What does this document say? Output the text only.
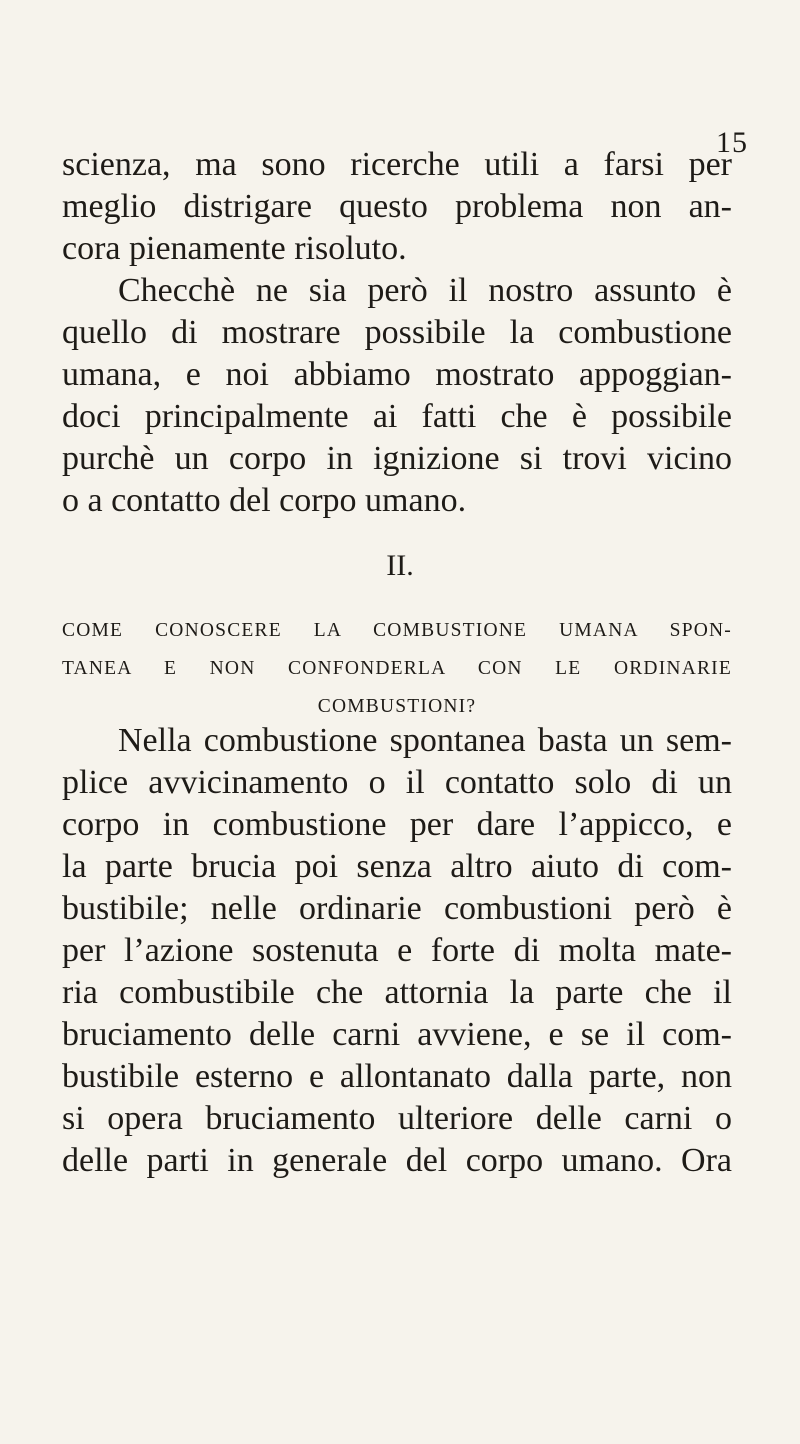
15
scienza, ma sono ricerche utili a farsi per
meglio distrigare questo problema non an-
cora pienamente risoluto.
Checchè ne sia però il nostro assunto è
quello di mostrare possibile la combustione
umana, e noi abbiamo mostrato appoggian-
doci principalmente ai fatti che è possibile
purchè un corpo in ignizione si trovi vicino
o a contatto del corpo umano.
II.
COME CONOSCERE LA COMBUSTIONE UMANA SPON-
TANEA E NON CONFONDERLA CON LE ORDINARIE
COMBUSTIONI?
Nella combustione spontanea basta un sem-
plice avvicinamento o il contatto solo di un
corpo in combustione per dare l’appicco, e
la parte brucia poi senza altro aiuto di com-
bustibile; nelle ordinarie combustioni però è
per l’azione sostenuta e forte di molta mate-
ria combustibile che attornia la parte che il
bruciamento delle carni avviene, e se il com-
bustibile esterno e allontanato dalla parte, non
si opera bruciamento ulteriore delle carni o
delle parti in generale del corpo umano. Ora
